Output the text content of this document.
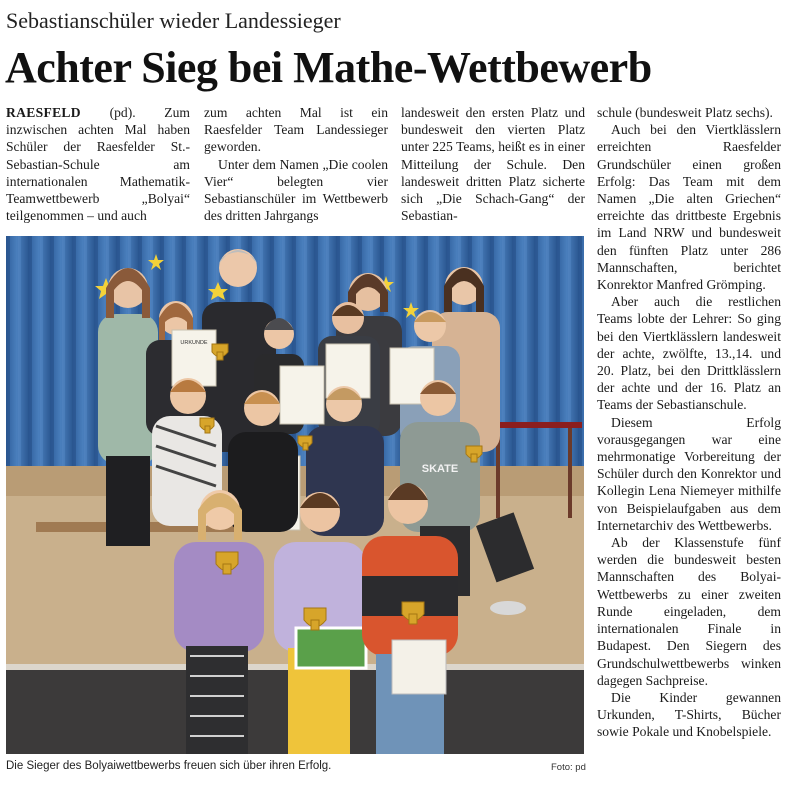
Sebastianschüler wieder Landessieger
Achter Sieg bei Mathe-Wettbewerb

RAESFELD (pd). Zum inzwischen achten Mal haben Schüler der Raesfelder St.-Sebastian-Schule am internationalen Mathematik-Teamwettbewerb „Bolyai“ teilgenommen – und auch

zum achten Mal ist ein Raesfelder Team Landessieger geworden.

Unter dem Namen „Die coolen Vier“ belegten vier Sebastianschüler im Wettbewerb des dritten Jahrgangs

landesweit den ersten Platz und bundesweit den vierten Platz unter 225 Teams, heißt es in einer Mitteilung der Schule. Den landesweit dritten Platz sicherte sich „Die Schach-Gang“ der Sebastian-

schule (bundesweit Platz sechs).

Auch bei den Viertklässlern erreichten Raesfelder Grundschüler einen großen Erfolg: Das Team mit dem Namen „Die alten Griechen“ erreichte das drittbeste Ergebnis im Land NRW und bundesweit den fünften Platz unter 286 Mannschaften, berichtet Konrektor Manfred Grömping.

Aber auch die restlichen Teams lobte der Lehrer: So ging bei den Viertklässlern landesweit der achte, zwölfte, 13.,14. und 20. Platz, bei den Drittklässlern der achte und der 16. Platz an Teams der Sebastianschule.

Diesem Erfolg vorausgegangen war eine mehrmonatige Vorbereitung der Schüler durch den Konrektor und Kollegin Lena Niemeyer mithilfe von Beispielaufgaben aus dem Internetarchiv des Wettbewerbs.

Ab der Klassenstufe fünf werden die bundesweit besten Mannschaften des Bolyai-Wettbewerbs zu einer zweiten Runde eingeladen, dem internationalen Finale in Budapest. Den Siegern des Grundschulwettbewerbs winken dagegen Sachpreise.

Die Kinder gewannen Urkunden, T-Shirts, Bücher sowie Pokale und Knobelspiele.

URKUNDE
SKATE
Die Sieger des Bolyaiwettbewerbs freuen sich über ihren Erfolg.	Foto: pd
